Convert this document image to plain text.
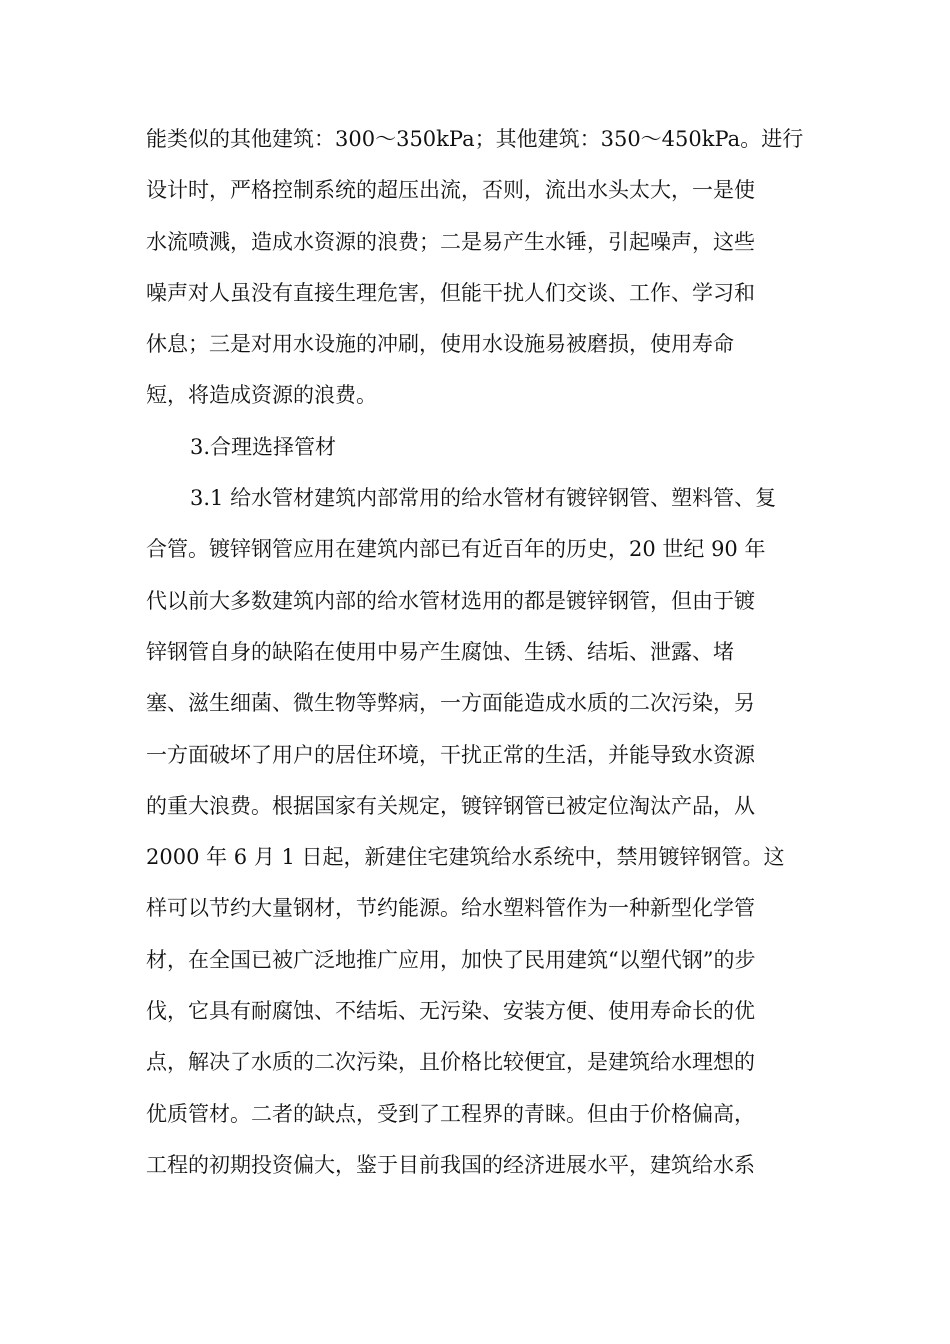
能类似的其他建筑：300～350kPa；其他建筑：350～450kPa。进行
设计时，严格控制系统的超压出流，否则，流出水头太大，一是使
水流喷溅，造成水资源的浪费；二是易产生水锤，引起噪声，这些
噪声对人虽没有直接生理危害，但能干扰人们交谈、工作、学习和
休息；三是对用水设施的冲刷，使用水设施易被磨损，使用寿命
短，将造成资源的浪费。
3.合理选择管材
3.1 给水管材建筑内部常用的给水管材有镀锌钢管、塑料管、复
合管。镀锌钢管应用在建筑内部已有近百年的历史，20 世纪 90 年
代以前大多数建筑内部的给水管材选用的都是镀锌钢管，但由于镀
锌钢管自身的缺陷在使用中易产生腐蚀、生锈、结垢、泄露、堵
塞、滋生细菌、微生物等弊病，一方面能造成水质的二次污染，另
一方面破坏了用户的居住环境，干扰正常的生活，并能导致水资源
的重大浪费。根据国家有关规定，镀锌钢管已被定位淘汰产品，从
2000 年 6 月 1 日起，新建住宅建筑给水系统中，禁用镀锌钢管。这
样可以节约大量钢材，节约能源。给水塑料管作为一种新型化学管
材，在全国已被广泛地推广应用，加快了民用建筑“以塑代钢”的步
伐，它具有耐腐蚀、不结垢、无污染、安装方便、使用寿命长的优
点，解决了水质的二次污染，且价格比较便宜，是建筑给水理想的
优质管材。二者的缺点，受到了工程界的青睐。但由于价格偏高，
工程的初期投资偏大，鉴于目前我国的经济进展水平，建筑给水系
